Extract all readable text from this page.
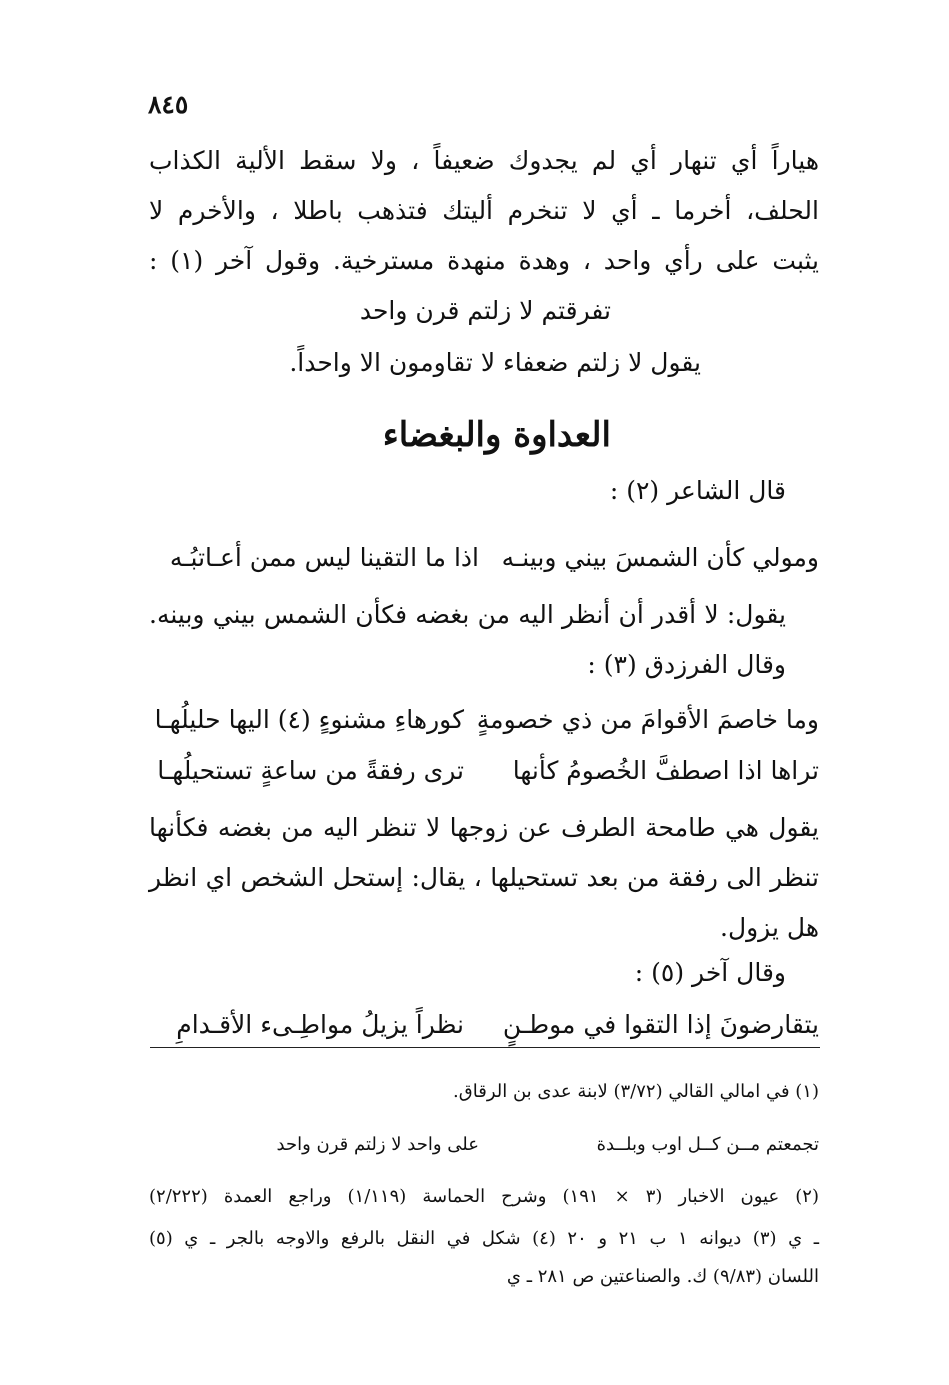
٨٤٥
هياراً أي تنهار أي لم يجدوك ضعيفاً ، ولا سقط الألية الكذاب
الحلف، أخرما ـ أي لا تنخرم أليتك فتذهب باطلا ، والأخرم لا
يثبت على رأي واحد ، وهدة منهدة مسترخية. وقول آخر (١) :
تفرقتم لا زلتم قرن واحد
يقول لا زلتم ضعفاء لا تقاومون الا واحداً.
العداوة والبغضاء
قال الشاعر (٢) :
ومولي كأن الشمسَ بيني وبينـه
اذا ما التقينا ليس ممن أعـاتبُـه
يقول: لا أقدر أن أنظر اليه من بغضه فكأن الشمس بيني وبينه.
وقال الفرزدق (٣) :
وما خاصمَ الأقوامَ من ذي خصومةٍ
كورهاءِ مشنوءٍ (٤) اليها حليلُهـا
تراها اذا اصطفَّ الخُصومُ كأنها
ترى رفقةً من ساعةٍ تستحيلُهـا
يقول هي طامحة الطرف عن زوجها لا تنظر اليه من بغضه فكأنها
تنظر الى رفقة من بعد تستحيلها ، يقال: إستحل الشخص اي انظر
هل يزول.
وقال آخر (٥) :
يتقارضونَ إذا التقوا في موطـنٍ
نظراً يزيلُ مواطِـىء الأقـدامِ
(١) في امالي القالي (٣/٧٢) لابنة عدى بن الرقاق.
تجمعتم مــن كــل اوب وبلــدة
على واحد لا زلتم قرن واحد
(٢) عيون الاخبار (٣ × ١٩١) وشرح الحماسة (١/١١٩) وراجع العمدة (٢/٢٢٢)
ـ ي (٣) ديوانه ١ ب ٢١ و ٢٠ (٤) شكل في النقل بالرفع والاوجه بالجر ـ ي (٥)
اللسان (٩/٨٣) ك. والصناعتين ص ٢٨١ ـ ي
